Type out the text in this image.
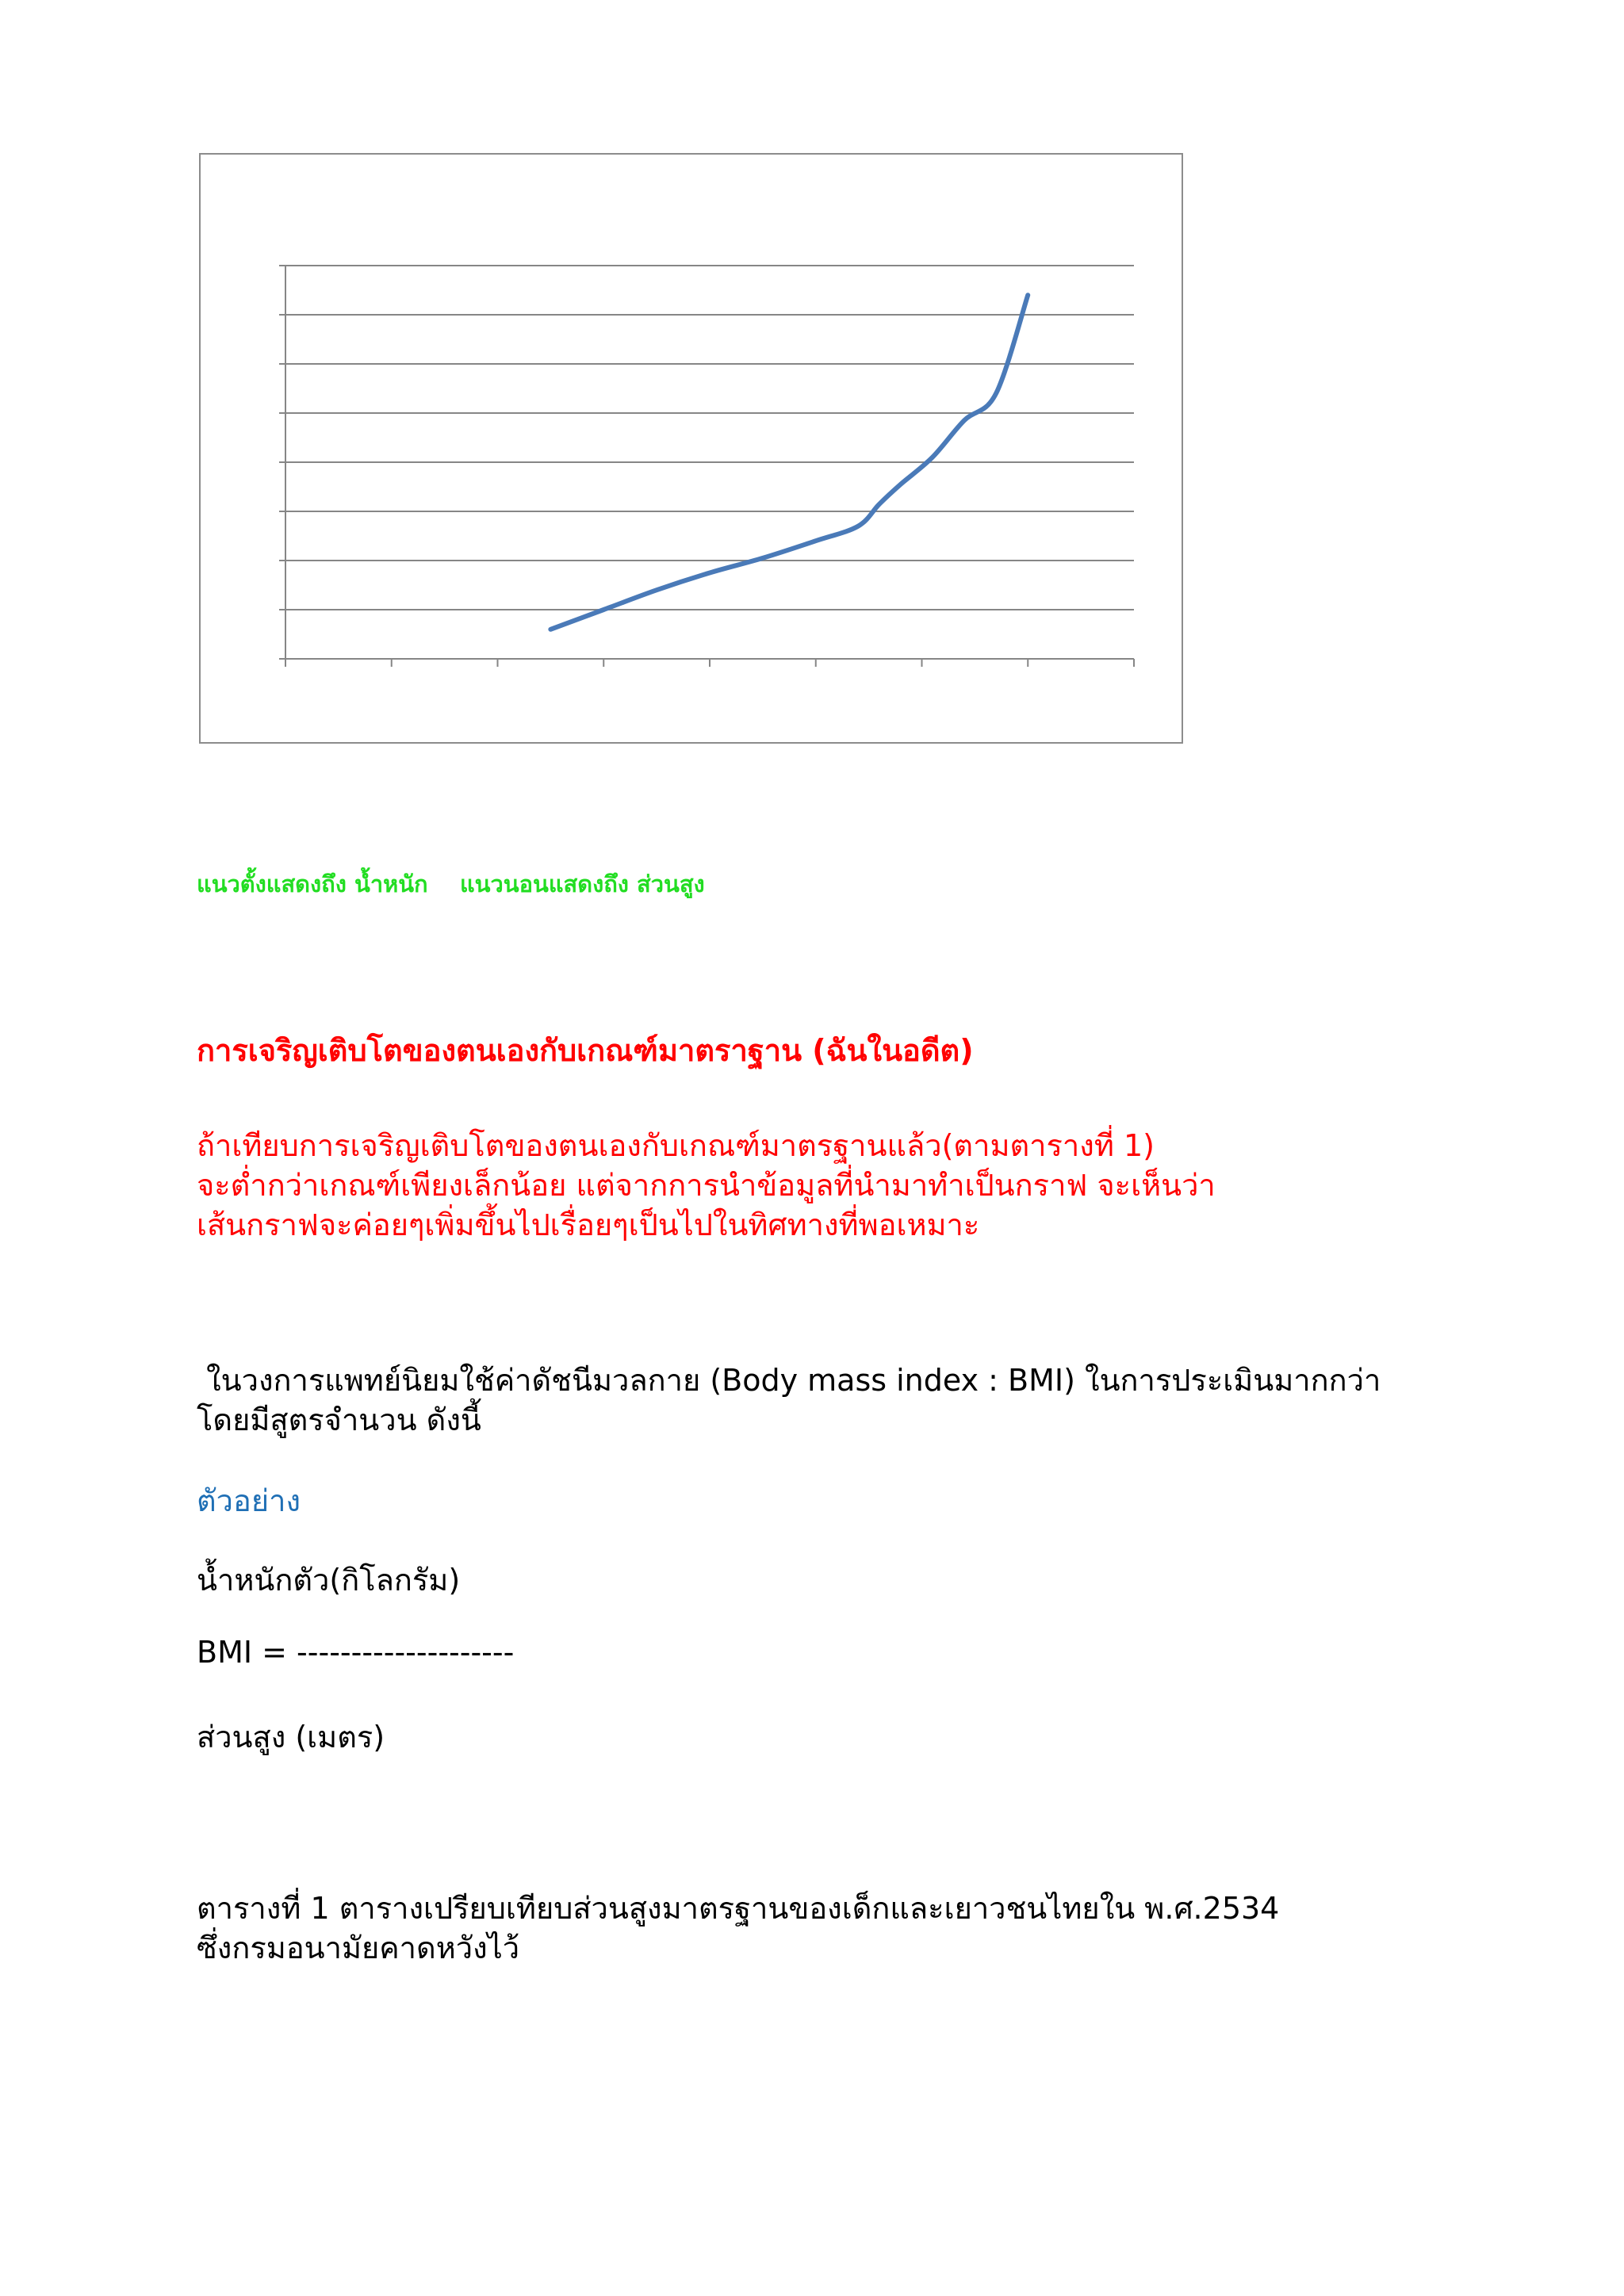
แนวตั้งแสดงถึง น้ำหนัก    แนวนอนแสดงถึง ส่วนสูง
การเจริญเติบโตของตนเองกับเกณฑ์มาตราฐาน (ฉันในอดีต)
ถ้าเทียบการเจริญเติบโตของตนเองกับเกณฑ์มาตรฐานแล้ว(ตามตารางที่ 1)
จะต่ำกว่าเกณฑ์เพียงเล็กน้อย แต่จากการนำข้อมูลที่นำมาทำเป็นกราฟ จะเห็นว่า
เส้นกราฟจะค่อยๆเพิ่มขึ้นไปเรื่อยๆเป็นไปในทิศทางที่พอเหมาะ
ในวงการแพทย์นิยมใช้ค่าดัชนีมวลกาย (Body mass index : BMI) ในการประเมินมากกว่า
โดยมีสูตรจำนวน ดังนี้
ตัวอย่าง
น้ำหนักตัว(กิโลกรัม)
BMI = --------------------
ส่วนสูง (เมตร)
ตารางที่ 1 ตารางเปรียบเทียบส่วนสูงมาตรฐานของเด็กและเยาวชนไทยใน พ.ศ.2534
ซึ่งกรมอนามัยคาดหวังไว้
